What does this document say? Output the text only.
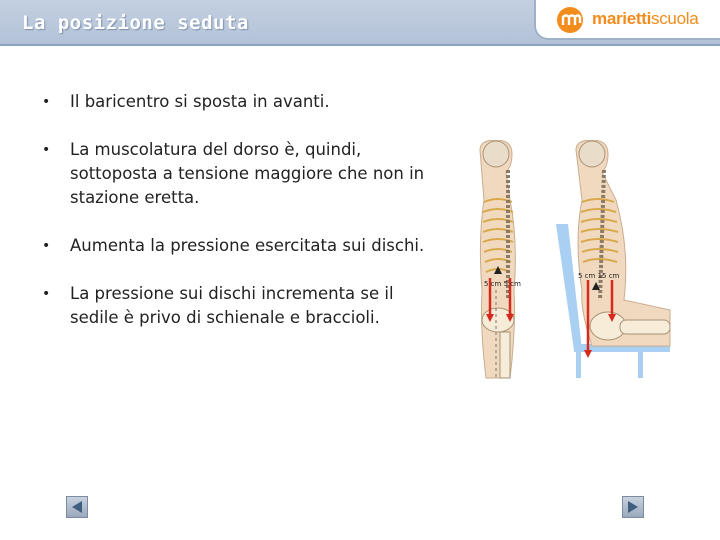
La posizione seduta	mariettiscuola
• Il baricentro si sposta in avanti.
• La muscolatura del dorso è, quindi, sottoposta a tensione maggiore che non in stazione eretta.
• Aumenta la pressione esercitata sui dischi.
• La pressione sui dischi incrementa se il sedile è privo di schienale e braccioli.
5 cm 5 cm
5 cm 15 cm
